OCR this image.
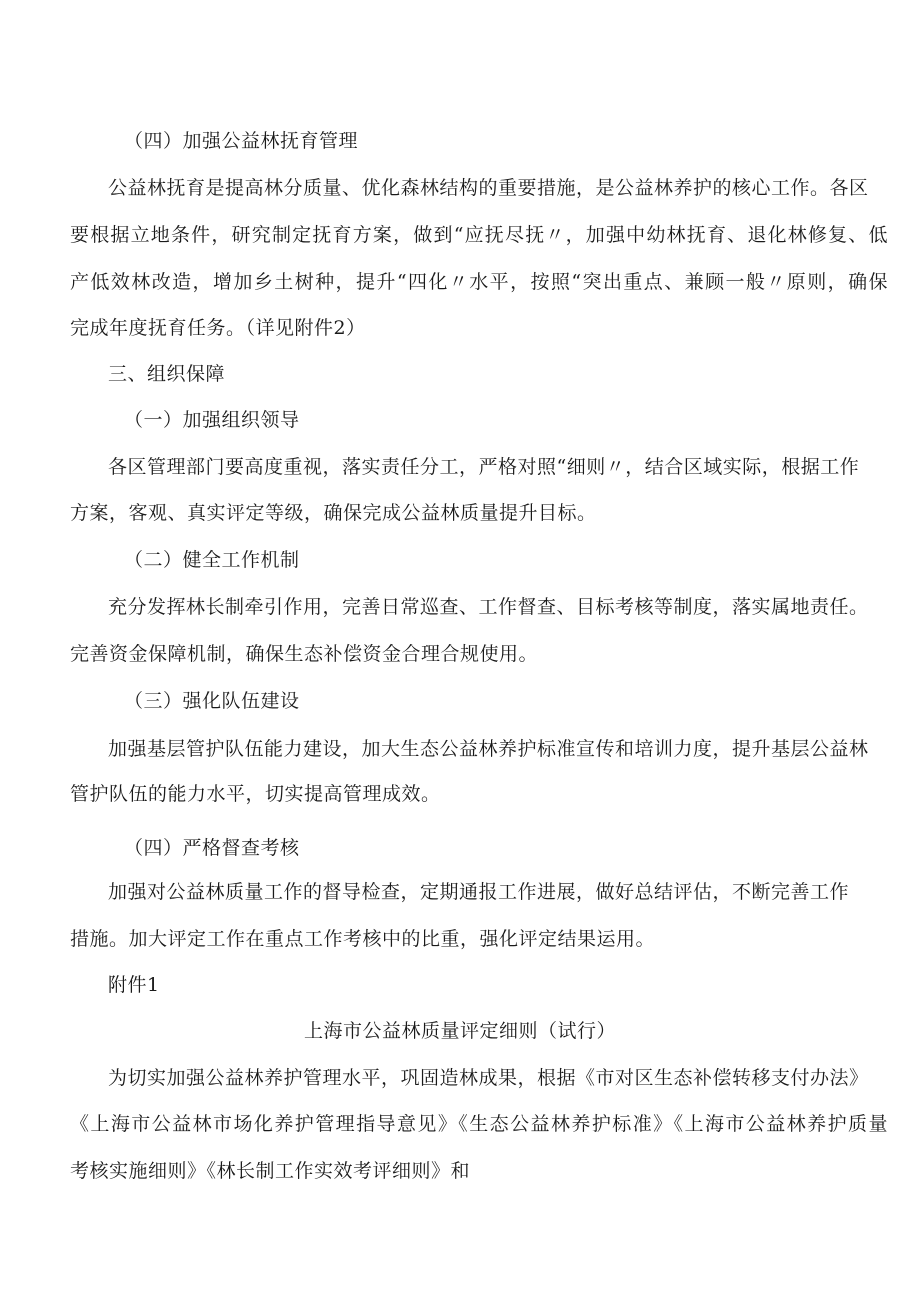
（四）加强公益林抚育管理
公益林抚育是提高林分质量、优化森林结构的重要措施，是公益林养护的核心工作。各区
要根据立地条件，研究制定抚育方案，做到“应抚尽抚〃，加强中幼林抚育、退化林修复、低
产低效林改造，增加乡土树种，提升“四化〃水平，按照“突出重点、兼顾一般〃原则，确保
完成年度抚育任务。（详见附件2）
三、组织保障
（一）加强组织领导
各区管理部门要高度重视，落实责任分工，严格对照“细则〃，结合区域实际，根据工作
方案，客观、真实评定等级，确保完成公益林质量提升目标。
（二）健全工作机制
充分发挥林长制牵引作用，完善日常巡查、工作督查、目标考核等制度，落实属地责任。
完善资金保障机制，确保生态补偿资金合理合规使用。
（三）强化队伍建设
加强基层管护队伍能力建设，加大生态公益林养护标准宣传和培训力度，提升基层公益林
管护队伍的能力水平，切实提高管理成效。
（四）严格督查考核
加强对公益林质量工作的督导检查，定期通报工作进展，做好总结评估，不断完善工作
措施。加大评定工作在重点工作考核中的比重，强化评定结果运用。
附件1
上海市公益林质量评定细则（试行）
为切实加强公益林养护管理水平，巩固造林成果，根据《市对区生态补偿转移支付办法》
《上海市公益林市场化养护管理指导意见》《生态公益林养护标准》《上海市公益林养护质量
考核实施细则》《林长制工作实效考评细则》和
